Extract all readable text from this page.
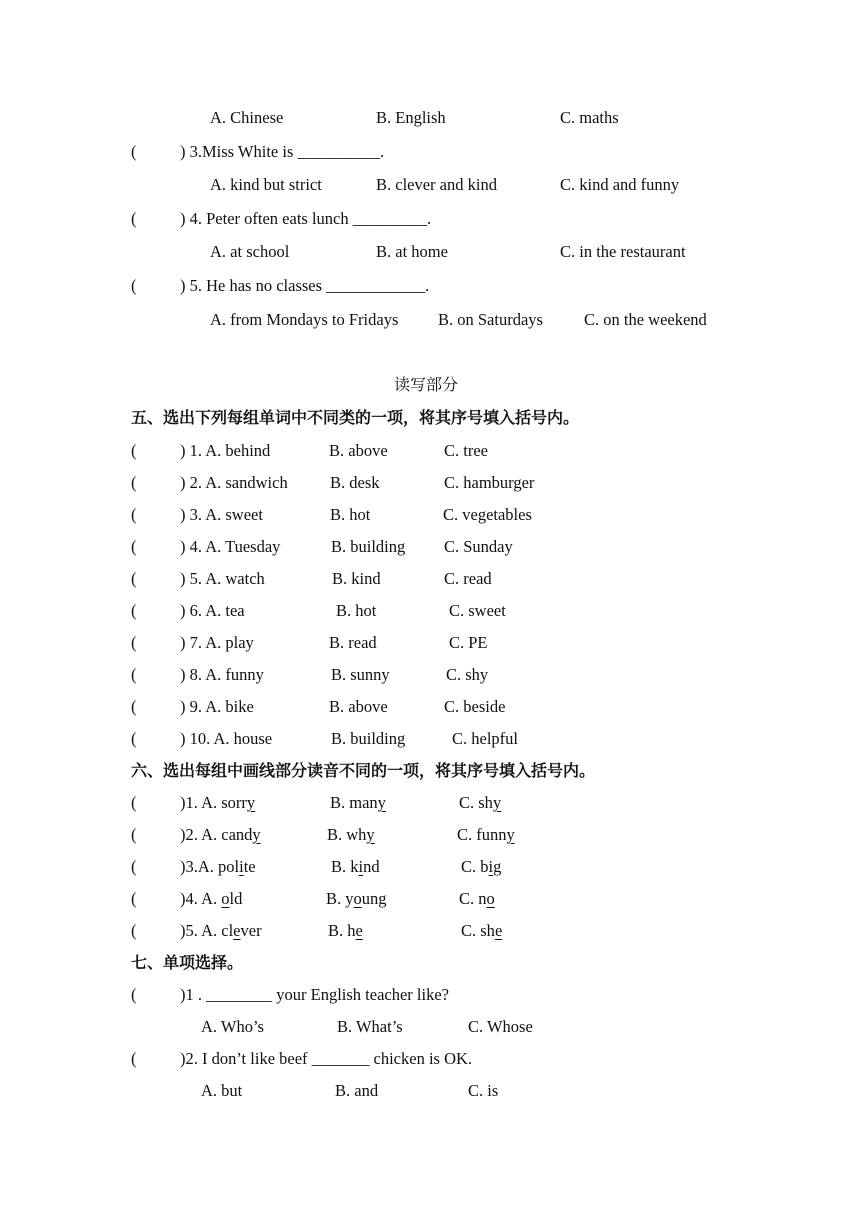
A. Chinese	B. English	C. maths
(	) 3.Miss White is __________.
A. kind but strict	B. clever and kind	C. kind and funny
(	) 4. Peter often eats lunch _________.
A. at school	B. at home	C. in the restaurant
(	) 5. He has no classes ____________.
A. from Mondays to Fridays B. on Saturdays C. on the weekend
读写部分
五、选出下列每组单词中不同类的一项，将其序号填入括号内。
(	) 1. A. behind	B. above	C. tree
(	) 2. A. sandwich	B. desk	C. hamburger
(	) 3. A. sweet	B. hot	C. vegetables
(	) 4. A. Tuesday	B. building C. Sunday
(	) 5. A. watch	B. kind	C. read
(	) 6. A. tea	B. hot	C. sweet
(	) 7. A. play	B. read	C. PE
(	) 8. A. funny	B. sunny	C. shy
(	) 9. A. bike	B. above	C. beside
(	) 10. A. house	B. building	C. helpful
六、选出每组中画线部分读音不同的一项，将其序号填入括号内。
(	)1. A. sorry	B. many	C. shy
(	)2. A. candy	B. why	C. funny
(	)3.A. polite	B. kind	C. big
(	)4. A. old	B. young	C. no
(	)5. A. clever	B. he	C. she
七、单项选择。
(	)1 . ________ your English teacher like?
A. Who’s	B. What’s	C. Whose
(	)2. I don’t like beef _______ chicken is OK.
A. but	B. and	C. is
